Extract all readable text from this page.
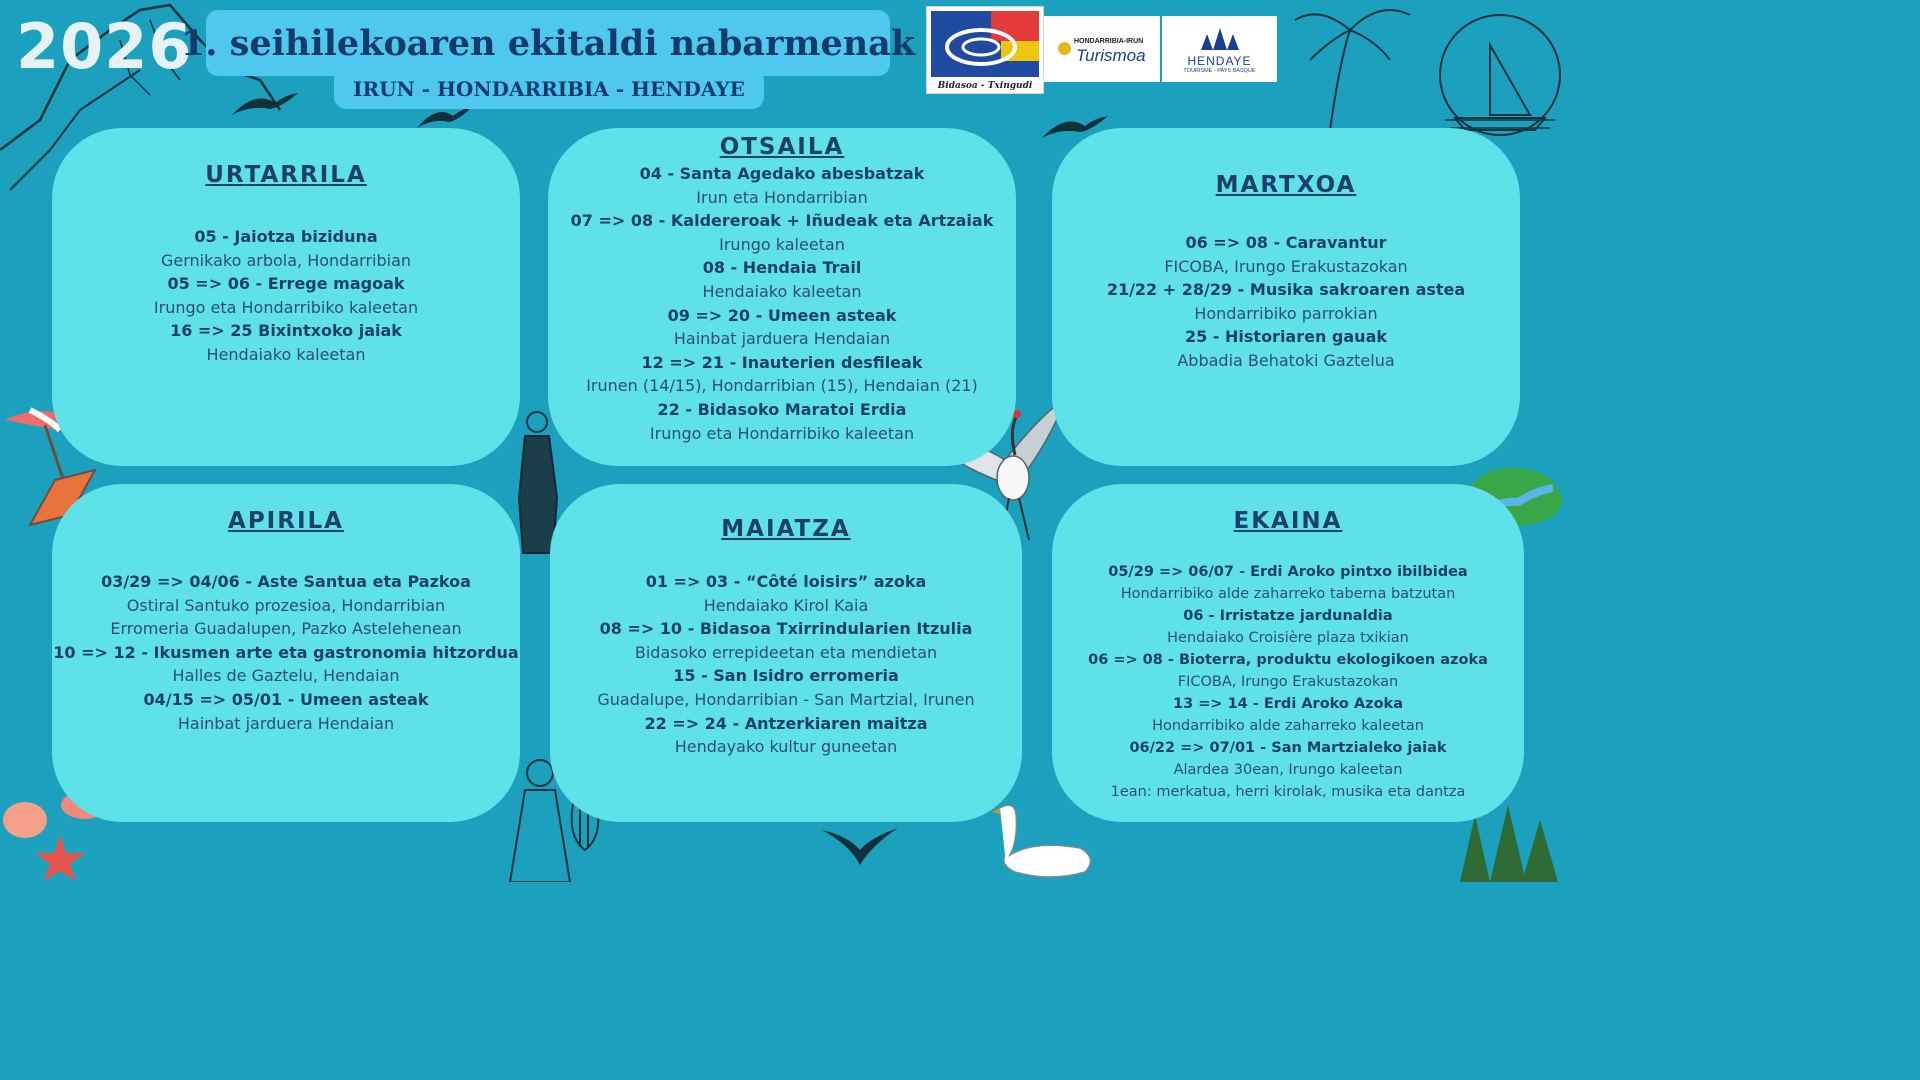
2026
1. seihilekoaren ekitaldi nabarmenak
IRUN - HONDARRIBIA - HENDAYE	Bidasoa - Txingudi
HONDARRIBIA-IRUN
Turismoa	HENDAYE
TOURISME · PAYS BASQUE
URTARRILA
05 - Jaiotza biziduna
Gernikako arbola, Hondarribian
05 => 06 - Errege magoak
Irungo eta Hondarribiko kaleetan
16 => 25 Bixintxoko jaiak
Hendaiako kaleetan
OTSAILA
04 - Santa Agedako abesbatzak
Irun eta Hondarribian
07 => 08 - Kaldereroak + Iñudeak eta Artzaiak
Irungo kaleetan
08 - Hendaia Trail
Hendaiako kaleetan
09 => 20 - Umeen asteak
Hainbat jarduera Hendaian
12 => 21 - Inauterien desfileak
Irunen (14/15), Hondarribian (15), Hendaian (21)
22 - Bidasoko Maratoi Erdia
Irungo eta Hondarribiko kaleetan
MARTXOA
06 => 08 - Caravantur
FICOBA, Irungo Erakustazokan
21/22 + 28/29 - Musika sakroaren astea
Hondarribiko parrokian
25 - Historiaren gauak
Abbadia Behatoki Gaztelua
APIRILA
03/29 => 04/06 - Aste Santua eta Pazkoa
Ostiral Santuko prozesioa, Hondarribian
Erromeria Guadalupen, Pazko Astelehenean
10 => 12 - Ikusmen arte eta gastronomia hitzordua
Halles de Gaztelu, Hendaian
04/15 => 05/01 - Umeen asteak
Hainbat jarduera Hendaian
MAIATZA
01 => 03 - “Côté loisirs” azoka
Hendaiako Kirol Kaia
08 => 10 - Bidasoa Txirrindularien Itzulia
Bidasoko errepideetan eta mendietan
15 - San Isidro erromeria
Guadalupe, Hondarribian - San Martzial, Irunen
22 => 24 - Antzerkiaren maitza
Hendayako kultur guneetan
EKAINA
05/29 => 06/07 - Erdi Aroko pintxo ibilbidea
Hondarribiko alde zaharreko taberna batzutan
06 - Irristatze jardunaldia
Hendaiako Croisière plaza txikian
06 => 08 - Bioterra, produktu ekologikoen azoka
FICOBA, Irungo Erakustazokan
13 => 14 - Erdi Aroko Azoka
Hondarribiko alde zaharreko kaleetan
06/22 => 07/01 - San Martzialeko jaiak
Alardea 30ean, Irungo kaleetan
1ean: merkatua, herri kirolak, musika eta dantza
